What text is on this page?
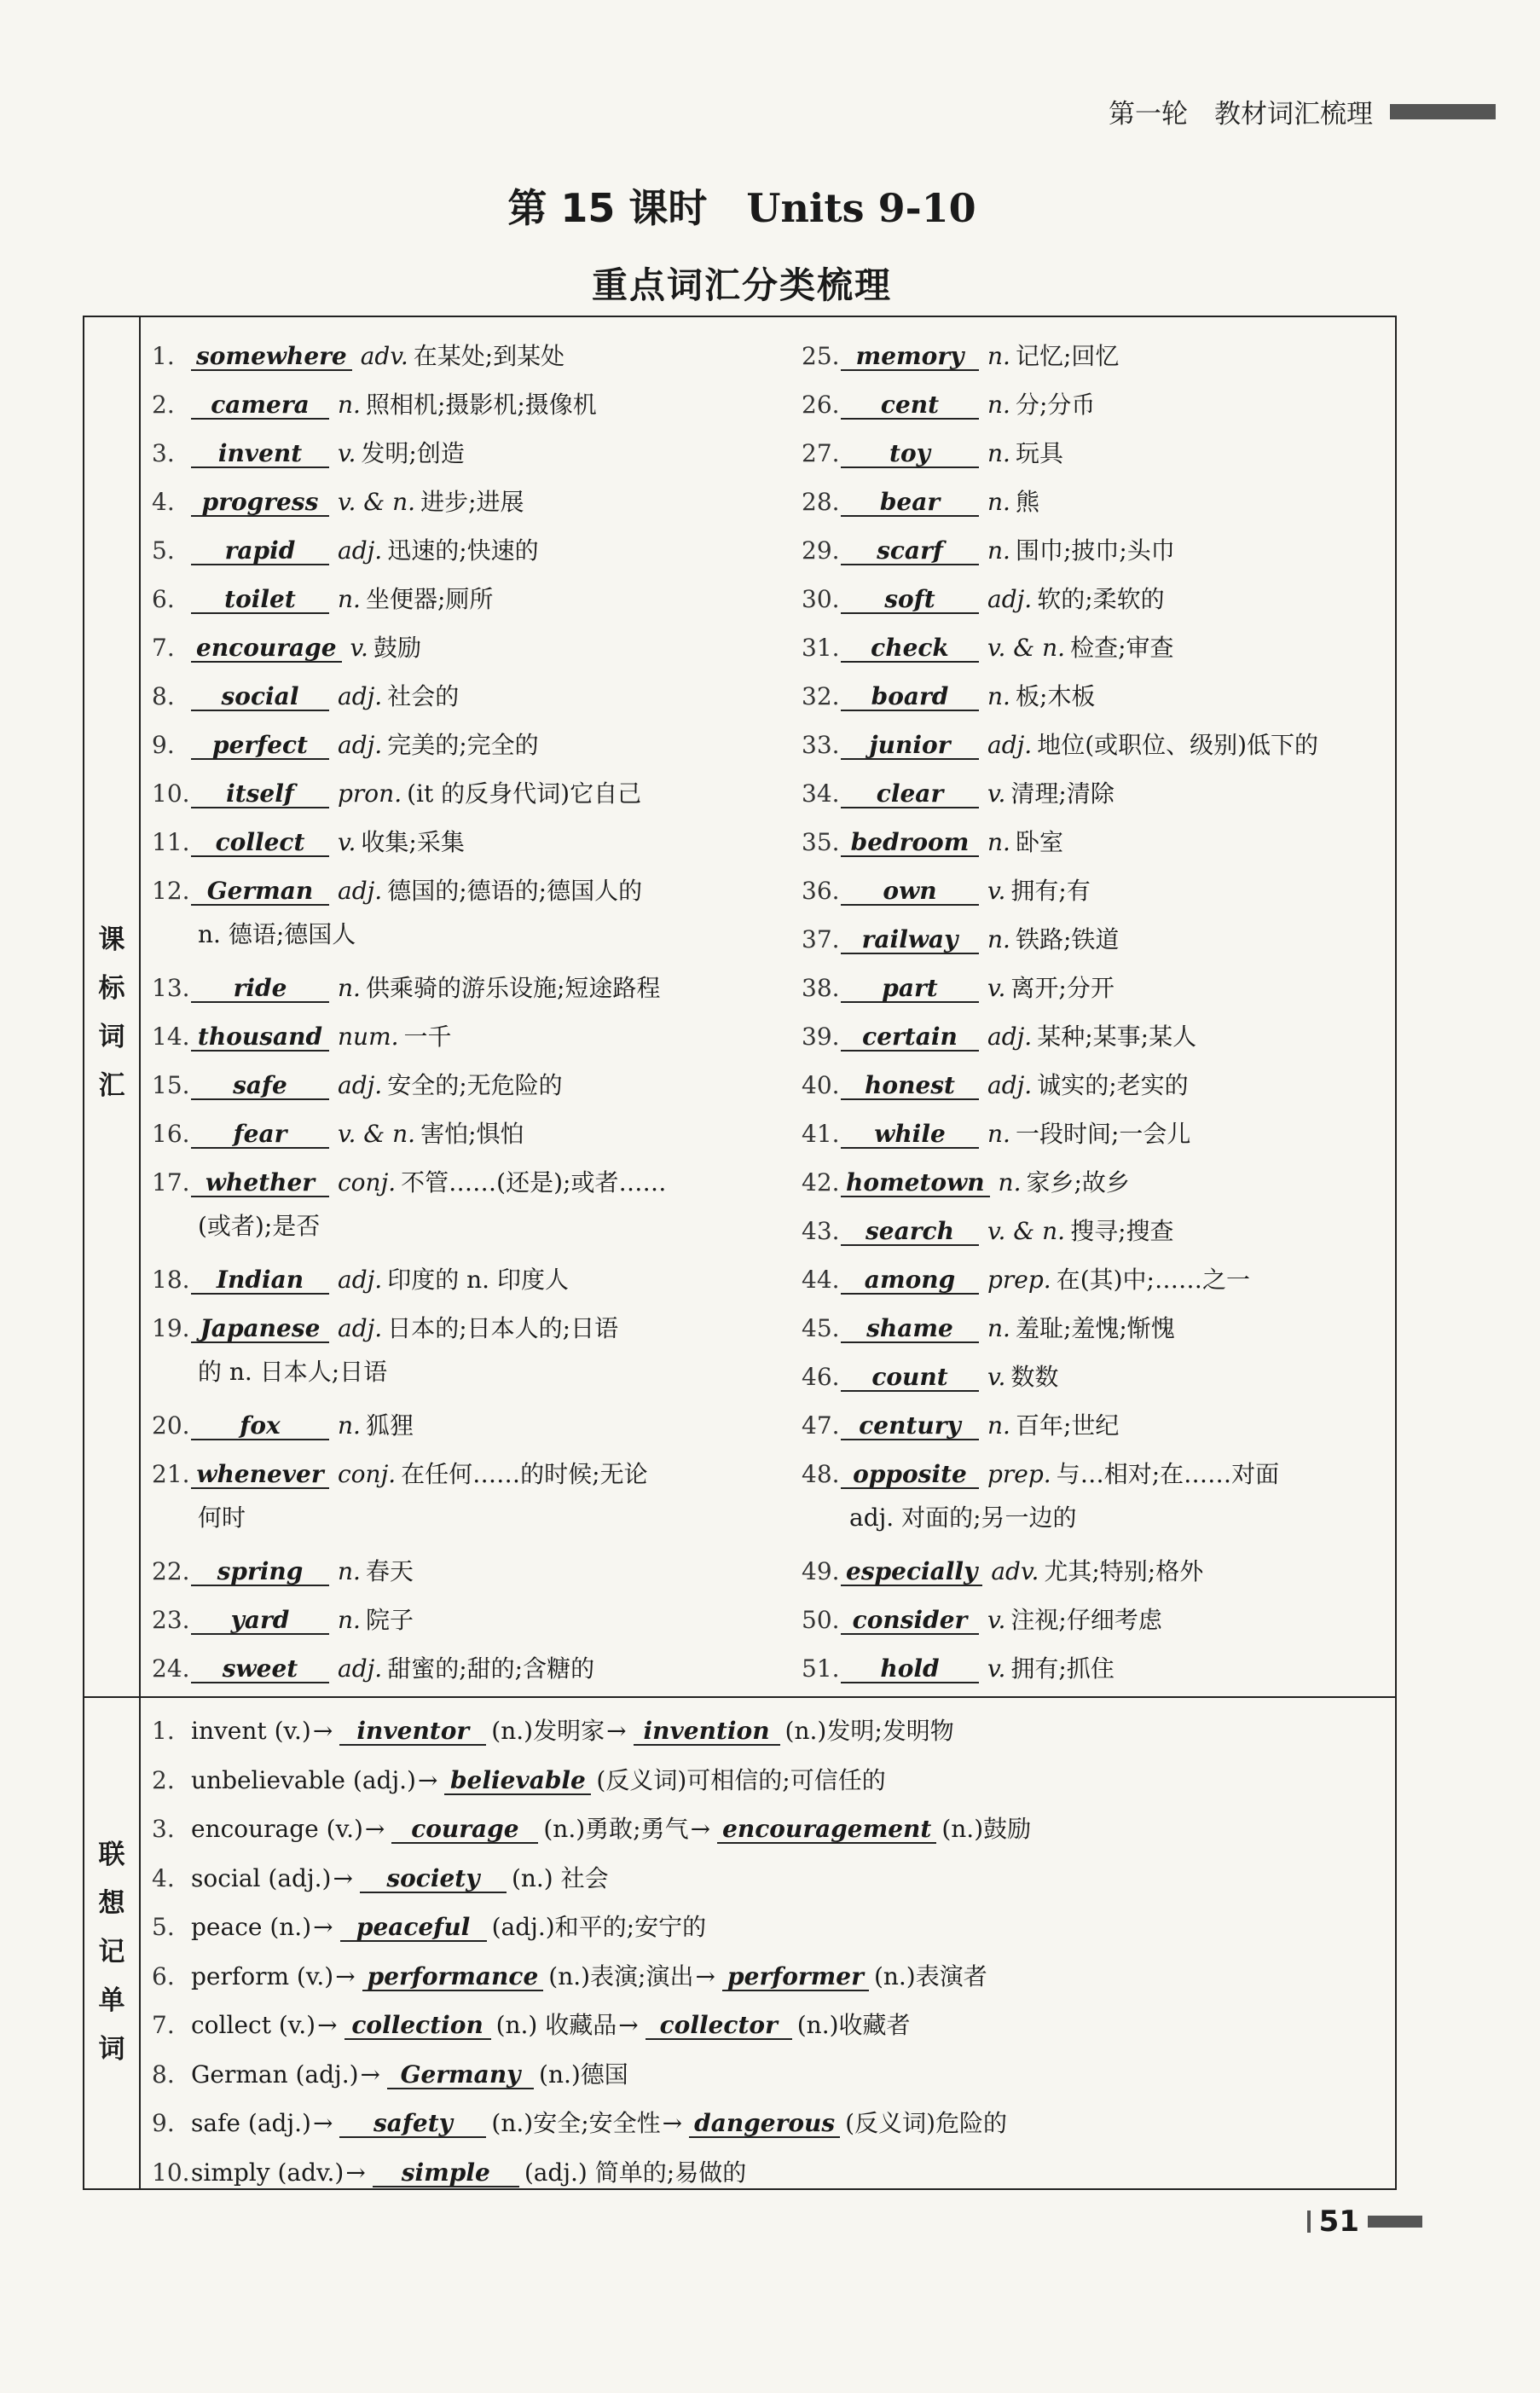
第一轮　教材词汇梳理
第 15 课时 Units 9-10
重点词汇分类梳理
课
标
词
汇
联
想
记
单
词
1. somewhere adv. 在某处;到某处
2. camera n. 照相机;摄影机;摄像机
3. invent v. 发明;创造
4. progress v. & n. 进步;进展
5. rapid adj. 迅速的;快速的
6. toilet n. 坐便器;厕所
7. encourage v. 鼓励
8. social adj. 社会的
9. perfect adj. 完美的;完全的
10. itself pron. (it 的反身代词)它自己
11. collect v. 收集;采集
12. German adj. 德国的;德语的;德国人的
13. ride n. 供乘骑的游乐设施;短途路程
14. thousand num. 一千
15. safe adj. 安全的;无危险的
16. fear v. & n. 害怕;惧怕
17. whether conj. 不管……(还是);或者……
18. Indian adj. 印度的 n. 印度人
19. Japanese adj. 日本的;日本人的;日语
20. fox n. 狐狸
21. whenever conj. 在任何……的时候;无论
22. spring n. 春天
23. yard n. 院子
24. sweet adj. 甜蜜的;甜的;含糖的
25. memory n. 记忆;回忆
26. cent n. 分;分币
27. toy n. 玩具
28. bear n. 熊
29. scarf n. 围巾;披巾;头巾
30. soft adj. 软的;柔软的
31. check v. & n. 检查;审查
32. board n. 板;木板
33. junior adj. 地位(或职位、级别)低下的
34. clear v. 清理;清除
35. bedroom n. 卧室
36. own v. 拥有;有
37. railway n. 铁路;铁道
38. part v. 离开;分开
39. certain adj. 某种;某事;某人
40. honest adj. 诚实的;老实的
41. while n. 一段时间;一会儿
42. hometown n. 家乡;故乡
43. search v. & n. 搜寻;搜查
44. among prep. 在(其)中;……之一
45. shame n. 羞耻;羞愧;惭愧
46. count v. 数数
47. century n. 百年;世纪
48. opposite prep. 与…相对;在……对面
49. especially adv. 尤其;特别;格外
50. consider v. 注视;仔细考虑
51. hold v. 拥有;抓住
n. 德语;德国人
(或者);是否
的 n. 日本人;日语
何时	adj. 对面的;另一边的
1. invent (v.)→ inventor (n.)发明家→ invention (n.)发明;发明物
2. unbelievable (adj.)→ believable (反义词)可相信的;可信任的
3. encourage (v.)→ courage (n.)勇敢;勇气→ encouragement (n.)鼓励
4. social (adj.)→ society (n.) 社会
5. peace (n.)→ peaceful (adj.)和平的;安宁的
6. perform (v.)→ performance (n.)表演;演出→ performer (n.)表演者
7. collect (v.)→ collection (n.) 收藏品→ collector (n.)收藏者
8. German (adj.)→ Germany (n.)德国
9. safe (adj.)→ safety (n.)安全;安全性→ dangerous (反义词)危险的
10.simply (adv.)→ simple (adj.) 简单的;易做的
51
